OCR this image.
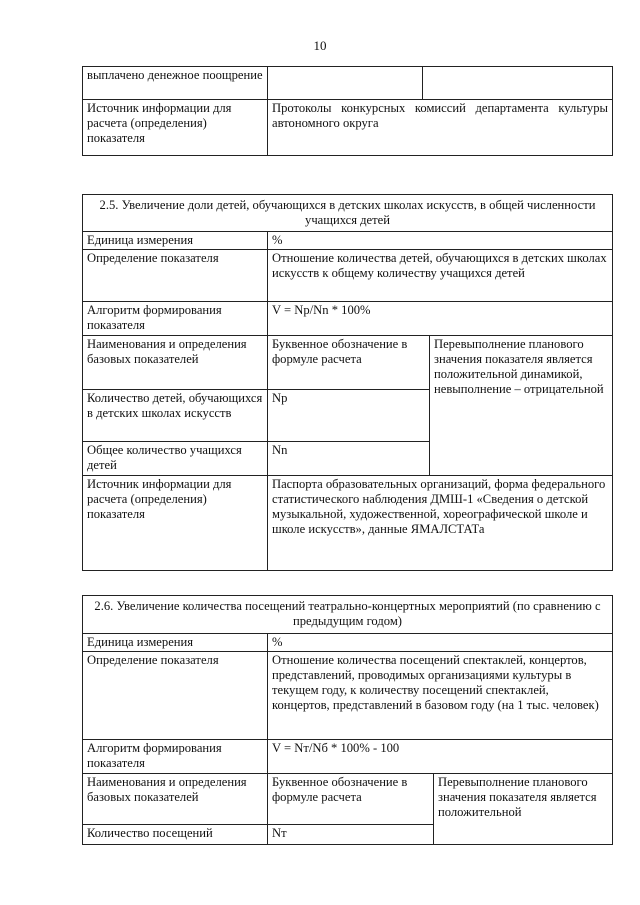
10
выплачено денежное поощрение		
Источник информации для расчета (определения) показателя	Протоколы конкурсных комиссий департамента культуры автономного округа	
2.5. Увеличение доли детей, обучающихся в детских школах искусств, в общей численности учащихся детей		
Единица измерения	%	
Определение показателя	Отношение количества детей, обучающихся в детских школах искусств к общему количеству учащихся детей	
Алгоритм формирования показателя	V = Np/Nn * 100%	
Наименования и определения базовых показателей	Буквенное обозначение в формуле расчета	Перевыполнение планового значения показателя является положительной динамикой, невыполнение – отрицательной
Количество детей, обучающихся в детских школах искусств	Np	
Общее количество учащихся детей	Nn	
Источник информации для расчета (определения) показателя	Паспорта образовательных организаций, форма федерального статистического наблюдения ДМШ-1 «Сведения о детской музыкальной, художественной, хореографической школе и школе искусств», данные ЯМАЛСТАТа	
2.6. Увеличение количества посещений театрально-концертных мероприятий (по сравнению с предыдущим годом)		
Единица измерения	%	
Определение показателя	Отношение количества посещений спектаклей, концертов, представлений, проводимых организациями культуры в текущем году, к количеству посещений спектаклей, концертов, представлений в базовом году (на 1 тыс. человек)	
Алгоритм формирования показателя	V = Nт/Nб * 100% - 100	
Наименования и определения базовых показателей	Буквенное обозначение в формуле расчета	Перевыполнение планового значения показателя является положительной
Количество посещений	Nт	
